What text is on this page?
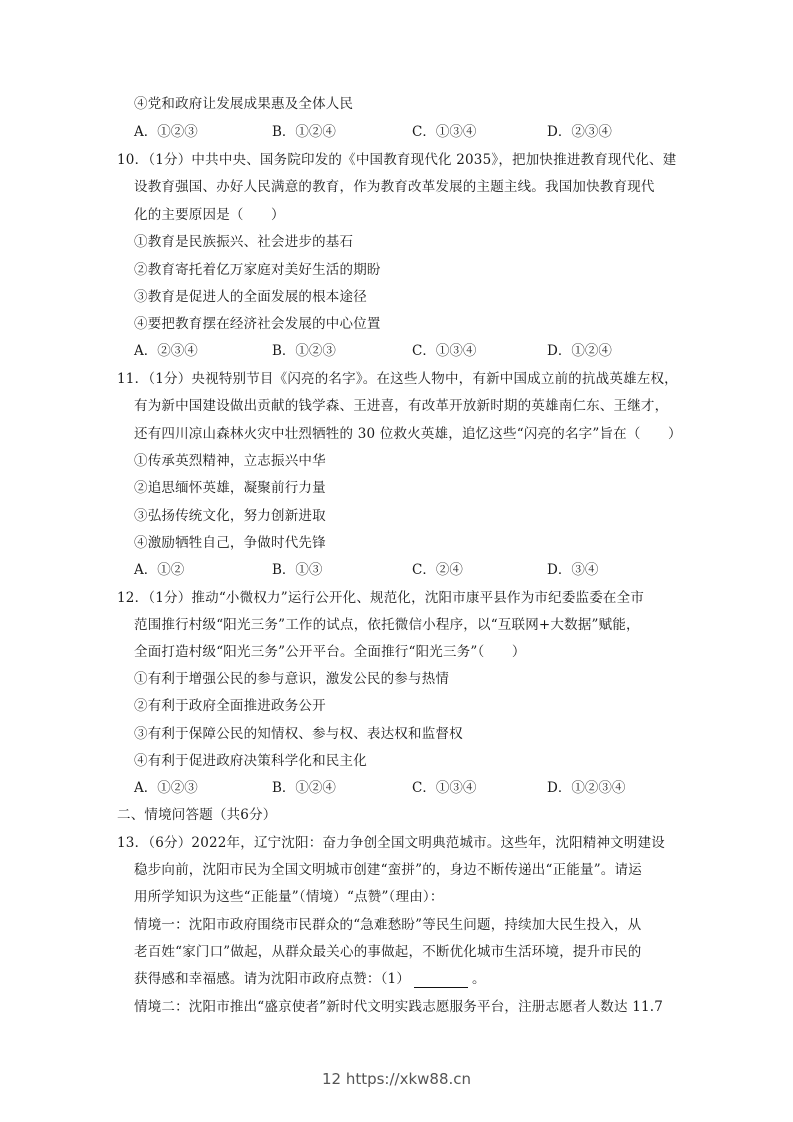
④党和政府让发展成果惠及全体人民
A．①②③	B．①②④	C．①③④	D．②③④
10．（1分）中共中央、国务院印发的《中国教育现代化 2035》，把加快推进教育现代化、建
设教育强国、办好人民满意的教育，作为教育改革发展的主题主线。我国加快教育现代
化的主要原因是（　　）
①教育是民族振兴、社会进步的基石
②教育寄托着亿万家庭对美好生活的期盼
③教育是促进人的全面发展的根本途径
④要把教育摆在经济社会发展的中心位置
A．②③④	B．①②③	C．①③④	D．①②④
11．（1分）央视特别节目《闪亮的名字》。在这些人物中，有新中国成立前的抗战英雄左权，
有为新中国建设做出贡献的钱学森、王进喜，有改革开放新时期的英雄南仁东、王继才，
还有四川凉山森林火灾中壮烈牺牲的 30 位救火英雄，追忆这些“闪亮的名字”旨在（　　）
①传承英烈精神，立志振兴中华
②追思缅怀英雄，凝聚前行力量
③弘扬传统文化，努力创新进取
④激励牺牲自己，争做时代先锋
A．①②	B．①③	C．②④	D．③④
12．（1分）推动“小微权力”运行公开化、规范化，沈阳市康平县作为市纪委监委在全市
范围推行村级“阳光三务”工作的试点，依托微信小程序，以“互联网+大数据”赋能，
全面打造村级“阳光三务”公开平台。全面推行“阳光三务”（　　）
①有利于增强公民的参与意识，激发公民的参与热情
②有利于政府全面推进政务公开
③有利于保障公民的知情权、参与权、表达权和监督权
④有利于促进政府决策科学化和民主化
A．①②③	B．①②④	C．①③④	D．①②③④
二、情境问答题（共6分）
13．（6分）2022年，辽宁沈阳：奋力争创全国文明典范城市。这些年，沈阳精神文明建设
稳步向前，沈阳市民为全国文明城市创建“蛮拼”的，身边不断传递出“正能量”。请运
用所学知识为这些“正能量”（情境）“点赞”（理由）：
情境一：沈阳市政府围绕市民群众的“急难愁盼”等民生问题，持续加大民生投入，从
老百姓“家门口”做起，从群众最关心的事做起，不断优化城市生活环境，提升市民的
获得感和幸福感。请为沈阳市政府点赞：（1）	。
情境二：沈阳市推出“盛京使者”新时代文明实践志愿服务平台，注册志愿者人数达 11.7
12 https://xkw88.cn
